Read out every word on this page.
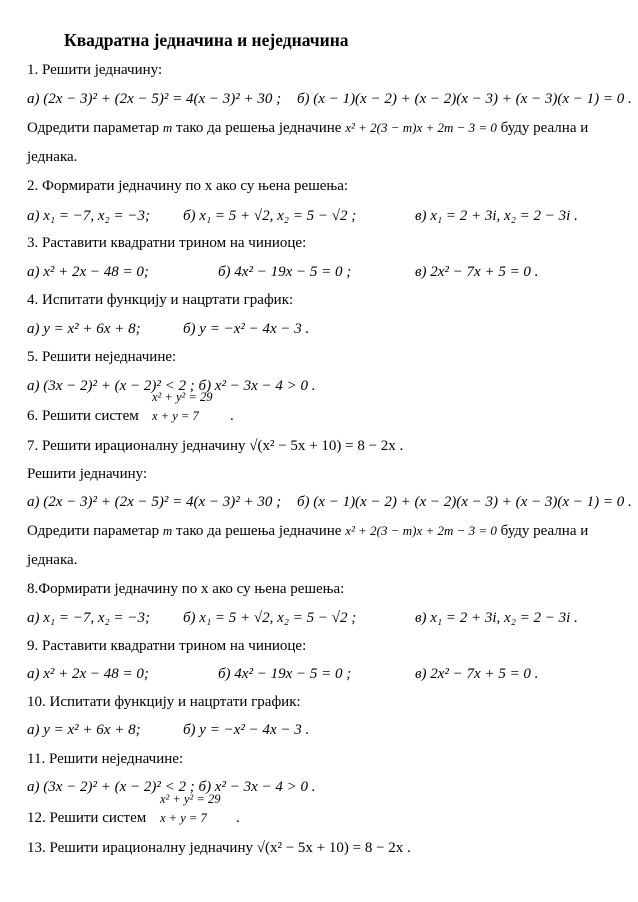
Квадратна једначина и неједначина
1. Решити једначину:
а) (2x − 3)² + (2x − 5)² = 4(x − 3)² + 30 ; б) (x − 1)(x − 2) + (x − 2)(x − 3) + (x − 3)(x − 1) = 0 .
Одредити параметар m тако да решења једначине x² + 2(3 − m)x + 2m − 3 = 0 буду реална и
једнака.
2. Формирати једначину по x ако су њена решења:
а) x₁ = −7, x₂ = −3; б) x₁ = 5 + √2, x₂ = 5 − √2 ;	в) x₁ = 2 + 3i, x₂ = 2 − 3i .
3. Раставити квадратни трином на чиниоце:
а) x² + 2x − 48 = 0;	б) 4x² − 19x − 5 = 0 ;	в) 2x² − 7x + 5 = 0 .
4. Испитати функцију и нацртати график:
а) y = x² + 6x + 8;	б) y = −x² − 4x − 3 .
5. Решити неједначине:
а) (3x − 2)² + (x − 2)² < 2 ; б) x² − 3x − 4 > 0 .
6. Решити систем
x² + y² = 29
x + y = 7	.
7. Решити ирационалну једначину √(x² − 5x + 10) = 8 − 2x .
Решити једначину:
а) (2x − 3)² + (2x − 5)² = 4(x − 3)² + 30 ; б) (x − 1)(x − 2) + (x − 2)(x − 3) + (x − 3)(x − 1) = 0 .
Одредити параметар m тако да решења једначине x² + 2(3 − m)x + 2m − 3 = 0 буду реална и
једнака.
8.Формирати једначину по x ако су њена решења:
а) x₁ = −7, x₂ = −3; б) x₁ = 5 + √2, x₂ = 5 − √2 ;	в) x₁ = 2 + 3i, x₂ = 2 − 3i .
9. Раставити квадратни трином на чиниоце:
а) x² + 2x − 48 = 0;	б) 4x² − 19x − 5 = 0 ;	в) 2x² − 7x + 5 = 0 .
10. Испитати функцију и нацртати график:
а) y = x² + 6x + 8;	б) y = −x² − 4x − 3 .
11. Решити неједначине:
а) (3x − 2)² + (x − 2)² < 2 ; б) x² − 3x − 4 > 0 .
12. Решити систем
x² + y² = 29
x + y = 7	.
13. Решити ирационалну једначину √(x² − 5x + 10) = 8 − 2x .
